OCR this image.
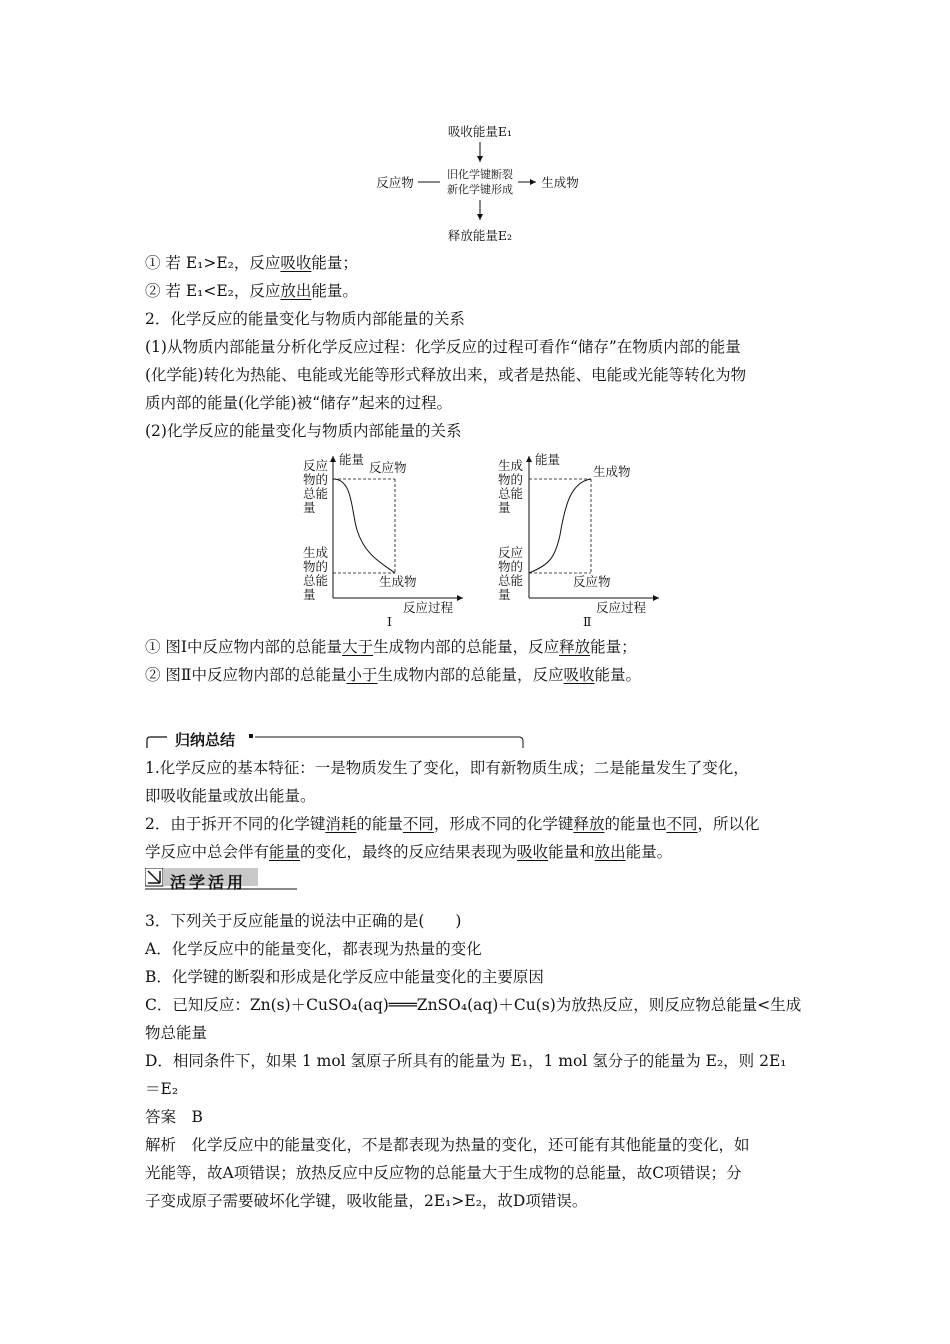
吸收能量E₁
反应物
旧化学键断裂
新化学键形成 生成物
释放能量E₂
① 若 E₁>E₂，反应吸收能量；
② 若 E₁<E₂，反应放出能量。
2．化学反应的能量变化与物质内部能量的关系
(1)从物质内部能量分析化学反应过程：化学反应的过程可看作“储存”在物质内部的能量
(化学能)转化为热能、电能或光能等形式释放出来，或者是热能、电能或光能等转化为物
质内部的能量(化学能)被“储存”起来的过程。
(2)化学反应的能量变化与物质内部能量的关系
能量
反应物
生成物
反应
物的
总能
量
生成
物的
总能
量
反应过程
Ⅰ
能量
生成物
反应物
生成
物的
总能
量
反应
物的
总能
量
反应过程
Ⅱ
① 图Ⅰ中反应物内部的总能量大于生成物内部的总能量，反应释放能量；
② 图Ⅱ中反应物内部的总能量小于生成物内部的总能量，反应吸收能量。
归纳总结
1.化学反应的基本特征：一是物质发生了变化，即有新物质生成；二是能量发生了变化，
即吸收能量或放出能量。
2．由于拆开不同的化学键消耗的能量不同，形成不同的化学键释放的能量也不同，所以化
学反应中总会伴有能量的变化，最终的反应结果表现为吸收能量和放出能量。
活学活用
3．下列关于反应能量的说法中正确的是(　　)
A．化学反应中的能量变化，都表现为热量的变化
B．化学键的断裂和形成是化学反应中能量变化的主要原因
C．已知反应：Zn(s)＋CuSO₄(aq)═══ZnSO₄(aq)＋Cu(s)为放热反应，则反应物总能量<生成
物总能量
D．相同条件下，如果 1 mol 氢原子所具有的能量为 E₁，1 mol 氢分子的能量为 E₂，则 2E₁
＝E₂
答案　B
解析　化学反应中的能量变化，不是都表现为热量的变化，还可能有其他能量的变化，如
光能等，故A项错误；放热反应中反应物的总能量大于生成物的总能量，故C项错误；分
子变成原子需要破坏化学键，吸收能量，2E₁>E₂，故D项错误。
